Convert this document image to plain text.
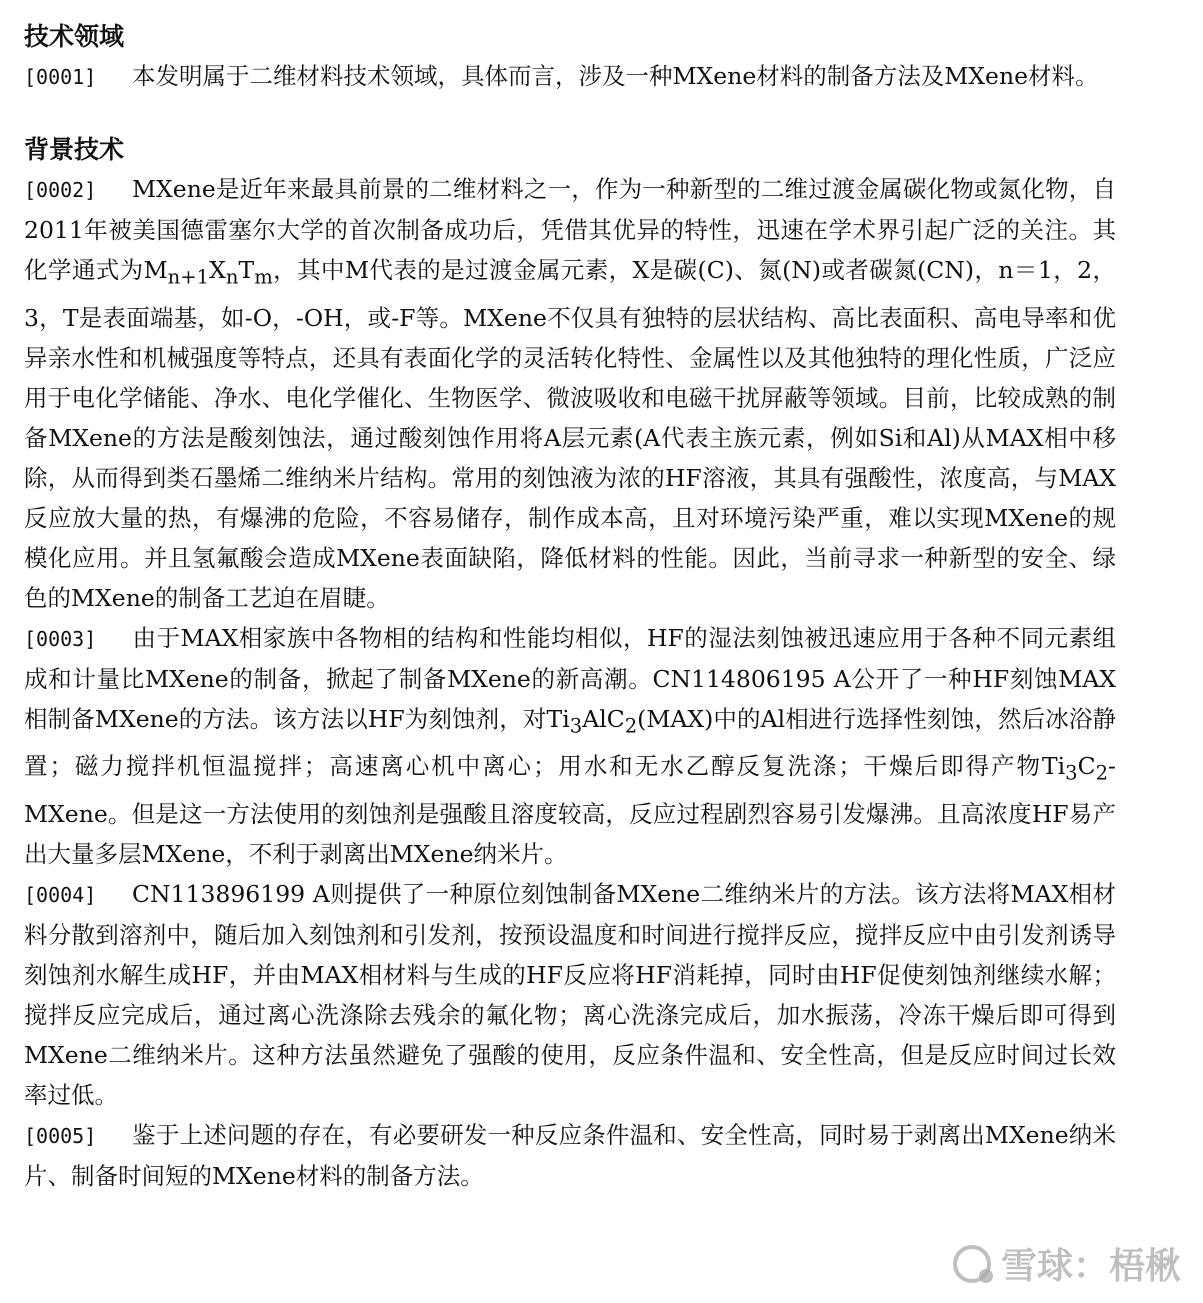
技术领域

[0001] 本发明属于二维材料技术领域，具体而言，涉及一种MXene材料的制备方法及MXene材料。

背景技术

[0002] MXene是近年来最具前景的二维材料之一，作为一种新型的二维过渡金属碳化物或氮化物，自2011年被美国德雷塞尔大学的首次制备成功后，凭借其优异的特性，迅速在学术界引起广泛的关注。其化学通式为$M_{n+1}X_nT_m$，其中M代表的是过渡金属元素，X是碳(C)、氮(N)或者碳氮(CN)，n＝1，2，3，T是表面端基，如-O，-OH，或-F等。MXene不仅具有独特的层状结构、高比表面积、高电导率和优异亲水性和机械强度等特点，还具有表面化学的灵活转化特性、金属性以及其他独特的理化性质，广泛应用于电化学储能、净水、电化学催化、生物医学、微波吸收和电磁干扰屏蔽等领域。目前，比较成熟的制备MXene的方法是酸刻蚀法，通过酸刻蚀作用将A层元素(A代表主族元素，例如Si和Al)从MAX相中移除，从而得到类石墨烯二维纳米片结构。常用的刻蚀液为浓的HF溶液，其具有强酸性，浓度高，与MAX反应放大量的热，有爆沸的危险，不容易储存，制作成本高，且对环境污染严重，难以实现MXene的规模化应用。并且氢氟酸会造成MXene表面缺陷，降低材料的性能。因此，当前寻求一种新型的安全、绿色的MXene的制备工艺迫在眉睫。

[0003] 由于MAX相家族中各物相的结构和性能均相似，HF的湿法刻蚀被迅速应用于各种不同元素组成和计量比MXene的制备，掀起了制备MXene的新高潮。CN114806195 A公开了一种HF刻蚀MAX相制备MXene的方法。该方法以HF为刻蚀剂，对$Ti_3AlC_2(MAX)$中的Al相进行选择性刻蚀，然后冰浴静置；磁力搅拌机恒温搅拌；高速离心机中离心；用水和无水乙醇反复洗涤；干燥后即得产物$Ti_3C_2$-MXene。但是这一方法使用的刻蚀剂是强酸且溶度较高，反应过程剧烈容易引发爆沸。且高浓度HF易产出大量多层MXene，不利于剥离出MXene纳米片。

[0004] CN113896199 A则提供了一种原位刻蚀制备MXene二维纳米片的方法。该方法将MAX相材料分散到溶剂中，随后加入刻蚀剂和引发剂，按预设温度和时间进行搅拌反应，搅拌反应中由引发剂诱导刻蚀剂水解生成HF，并由MAX相材料与生成的HF反应将HF消耗掉，同时由HF促使刻蚀剂继续水解；搅拌反应完成后，通过离心洗涤除去残余的氟化物；离心洗涤完成后，加水振荡，冷冻干燥后即可得到MXene二维纳米片。这种方法虽然避免了强酸的使用，反应条件温和、安全性高，但是反应时间过长效率过低。

[0005] 鉴于上述问题的存在，有必要研发一种反应条件温和、安全性高，同时易于剥离出MXene纳米片、制备时间短的MXene材料的制备方法。

雪球：梧楸
